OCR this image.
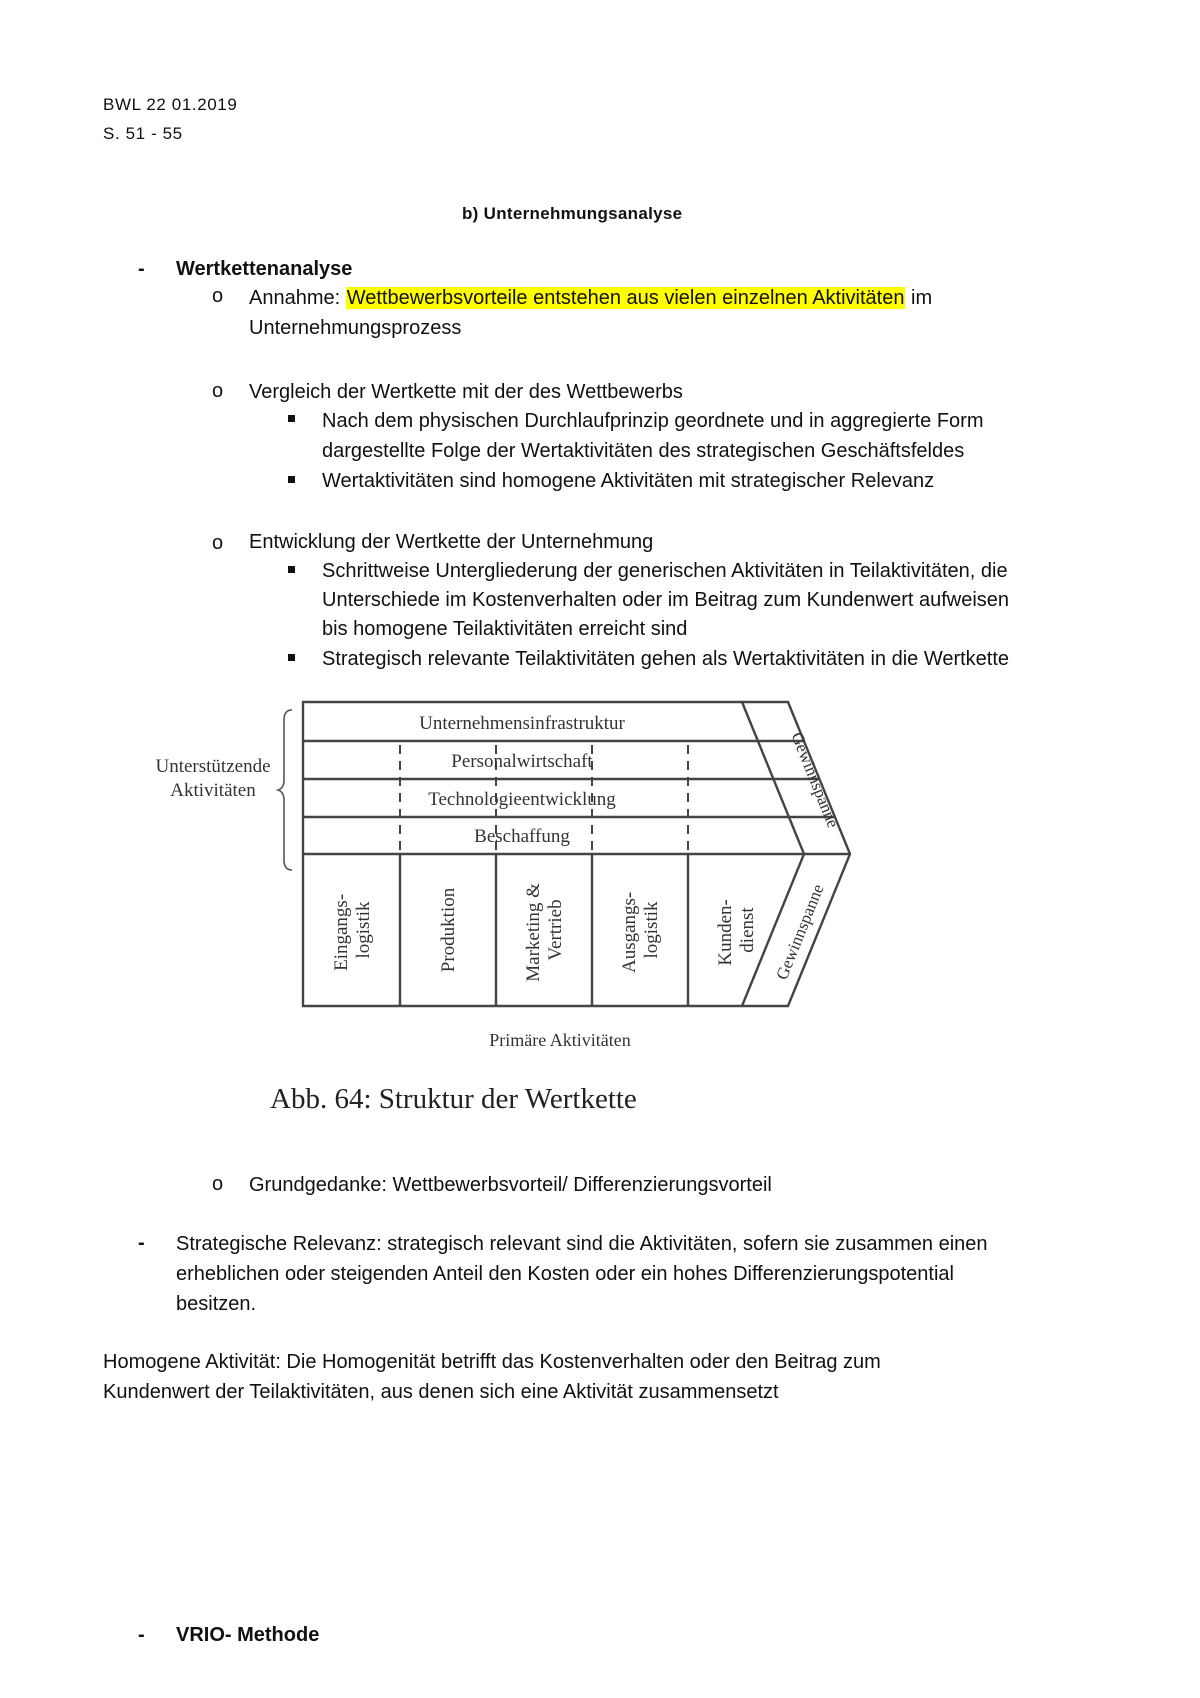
BWL 22 01.2019
S. 51 - 55
b) Unternehmungsanalyse
- Wertkettenanalyse
o Annahme: Wettbewerbsvorteile entstehen aus vielen einzelnen Aktivitäten im
Unternehmungsprozess
o Vergleich der Wertkette mit der des Wettbewerbs
Nach dem physischen Durchlaufprinzip geordnete und in aggregierte Form
dargestellte Folge der Wertaktivitäten des strategischen Geschäftsfeldes
Wertaktivitäten sind homogene Aktivitäten mit strategischer Relevanz
o Entwicklung der Wertkette der Unternehmung
Schrittweise Untergliederung der generischen Aktivitäten in Teilaktivitäten, die
Unterschiede im Kostenverhalten oder im Beitrag zum Kundenwert aufweisen
bis homogene Teilaktivitäten erreicht sind
Strategisch relevante Teilaktivitäten gehen als Wertaktivitäten in die Wertkette
Unterstützende
Aktivitäten
Unternehmensinfrastruktur
Personalwirtschaft
Technologieentwicklung
Beschaffung
Eingangs- logistik	Produktion	Marketing & Vertrieb	Ausgangs- logistik	Kunden- dienst
Gewinnspanne
Gewinnspanne
Primäre Aktivitäten
Abb. 64: Struktur der Wertkette
o Grundgedanke: Wettbewerbsvorteil/ Differenzierungsvorteil
- Strategische Relevanz: strategisch relevant sind die Aktivitäten, sofern sie zusammen einen
erheblichen oder steigenden Anteil den Kosten oder ein hohes Differenzierungspotential
besitzen.
Homogene Aktivität: Die Homogenität betrifft das Kostenverhalten oder den Beitrag zum
Kundenwert der Teilaktivitäten, aus denen sich eine Aktivität zusammensetzt
- VRIO- Methode
